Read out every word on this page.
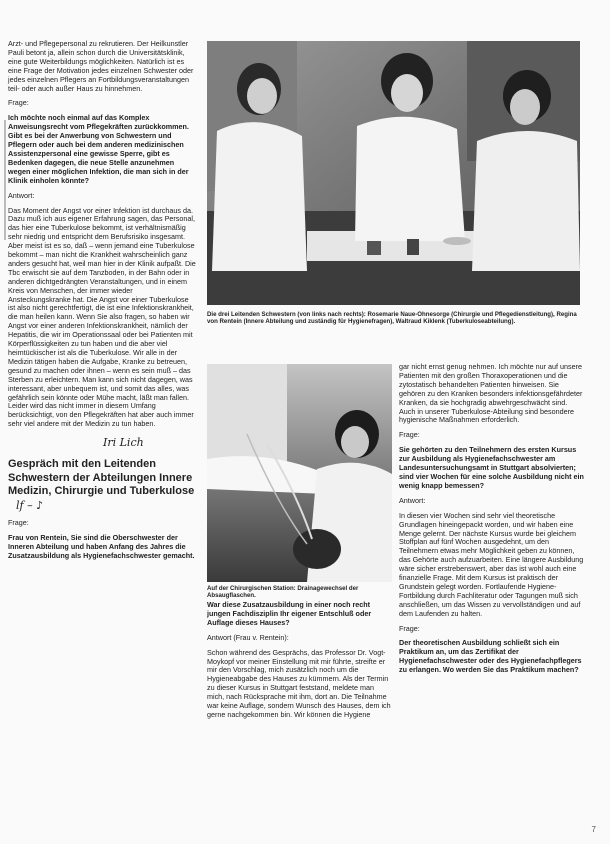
Arzt- und Pflegepersonal zu rekrutieren. Der Heilkunstler Pauli betont ja, allein schon durch die Universitätsklinik, eine gute Weiterbildungs möglichkeiten. Natürlich ist es eine Frage der Motivation jedes einzelnen Schwester oder jedes einzelnen Pflegers an Fortbildungsveranstaltungen teil- oder auch außer Haus zu hinnehmen.

Frage:

Ich möchte noch einmal auf das Komplex Anweisungsrecht vom Pflegekräften zurückkommen. Gibt es bei der Anwerbung von Schwestern und Pflegern oder auch bei dem anderen medizinischen Assistenzpersonal eine gewisse Sperre, gibt es Bedenken dagegen, die neue Stelle anzunehmen wegen einer möglichen Infektion, die man sich in der Klinik einholen könnte?

Antwort:

Das Moment der Angst vor einer Infektion ist durchaus da. Dazu muß ich aus eigener Erfahrung sagen, das Personal, das hier eine Tuberkulose bekommt, ist verhältnismäßig sehr niedrig und entspricht dem Berufsrisiko insgesamt. Aber meist ist es so, daß – wenn jemand eine Tuberkulose bekommt – man nicht die Krankheit wahrscheinlich ganz anders gesucht hat, weil man hier in der Klinik aufpaßt. Die Tbc erwischt sie auf dem Tanzboden, in der Bahn oder in anderen dichtgedrängten Veranstaltungen, und in einem Kreis von Menschen, der immer wieder Ansteckungskranke hat. Die Angst vor einer Tuberkulose ist also nicht gerechtfertigt, die ist eine Infektionskrankheit, die man heilen kann. Wenn Sie also fragen, so haben wir Angst vor einer anderen Infektionskrankheit, nämlich der Hepatitis, die wir im Operationssaal oder bei Patienten mit Körperflüssigkeiten zu tun haben und die aber viel heimtückischer ist als die Tuberkulose. Wir alle in der Medizin tätigen haben die Aufgabe, Kranke zu betreuen, gesund zu machen oder ihnen – wenn es sein muß – das Sterben zu erleichtern. Man kann sich nicht dagegen, was interessant, aber unbequem ist, und somit das alles, was gefährlich sein könnte oder Mühe macht, läßt man fallen. Leider wird das nicht immer in diesem Umfang berücksichtigt, von den Pflegekräften hat aber auch immer sehr viel andere mit der Medizin zu tun haben.

Iri Lich

Gespräch mit den Leitenden Schwestern der Abteilungen Innere Medizin, Chirurgie und Tuberkulose lf – ♪

Frage:

Frau von Rentein, Sie sind die Oberschwester der Inneren Abteilung und haben Anfang des Jahres die Zusatzausbildung als Hygienefachschwester gemacht.

Die drei Leitenden Schwestern (von links nach rechts): Rosemarie Naue-Ohnesorge (Chirurgie und Pflegedienstleitung), Regina von Rentein (Innere Abteilung und zuständig für Hygienefragen), Waltraud Kiklenk (Tuberkuloseabteilung).
Auf der Chirurgischen Station: Drainagewechsel der Absaugflaschen.

War diese Zusatzausbildung in einer noch recht jungen Fachdisziplin Ihr eigener Entschluß oder Auflage dieses Hauses?

Antwort (Frau v. Rentein):

Schon während des Gesprächs, das Professor Dr. Vogt-Moykopf vor meiner Einstellung mit mir führte, streifte er mir den Vorschlag, mich zusätzlich noch um die Hygieneabgabe des Hauses zu kümmern. Als der Termin zu dieser Kursus in Stuttgart feststand, meldete man mich, nach Rücksprache mit ihm, dort an. Die Teilnahme war keine Auflage, sondern Wunsch des Hauses, dem ich gerne nachgekommen bin. Wir können die Hygiene

gar nicht ernst genug nehmen. Ich möchte nur auf unsere Patienten mit den großen Thoraxoperationen und die zytostatisch behandelten Patienten hinweisen. Sie gehören zu den Kranken besonders infektionsgefährdeter Kranken, da sie hochgradig abwehrgeschwächt sind. Auch in unserer Tuberkulose-Abteilung sind besondere hygienische Maßnahmen erforderlich.

Frage:

Sie gehörten zu den Teilnehmern des ersten Kursus zur Ausbildung als Hygienefachschwester am Landesuntersuchungsamt in Stuttgart absolvierten; sind vier Wochen für eine solche Ausbildung nicht ein wenig knapp bemessen?

Antwort:

In diesen vier Wochen sind sehr viel theoretische Grundlagen hineingepackt worden, und wir haben eine Menge gelernt. Der nächste Kursus wurde bei gleichem Stoffplan auf fünf Wochen ausgedehnt, um den Teilnehmern etwas mehr Möglichkeit geben zu können, das Gehörte auch aufzuarbeiten. Eine längere Ausbildung wäre sicher erstrebenswert, aber das ist wohl auch eine finanzielle Frage. Mit dem Kursus ist praktisch der Grundstein gelegt worden. Fortlaufende Hygiene-Fortbildung durch Fachliteratur oder Tagungen muß sich anschließen, um das Wissen zu vervollständigen und auf dem Laufenden zu halten.

Frage:

Der theoretischen Ausbildung schließt sich ein Praktikum an, um das Zertifikat der Hygienefachschwester oder des Hygienefachpflegers zu erlangen. Wo werden Sie das Praktikum machen?

7
